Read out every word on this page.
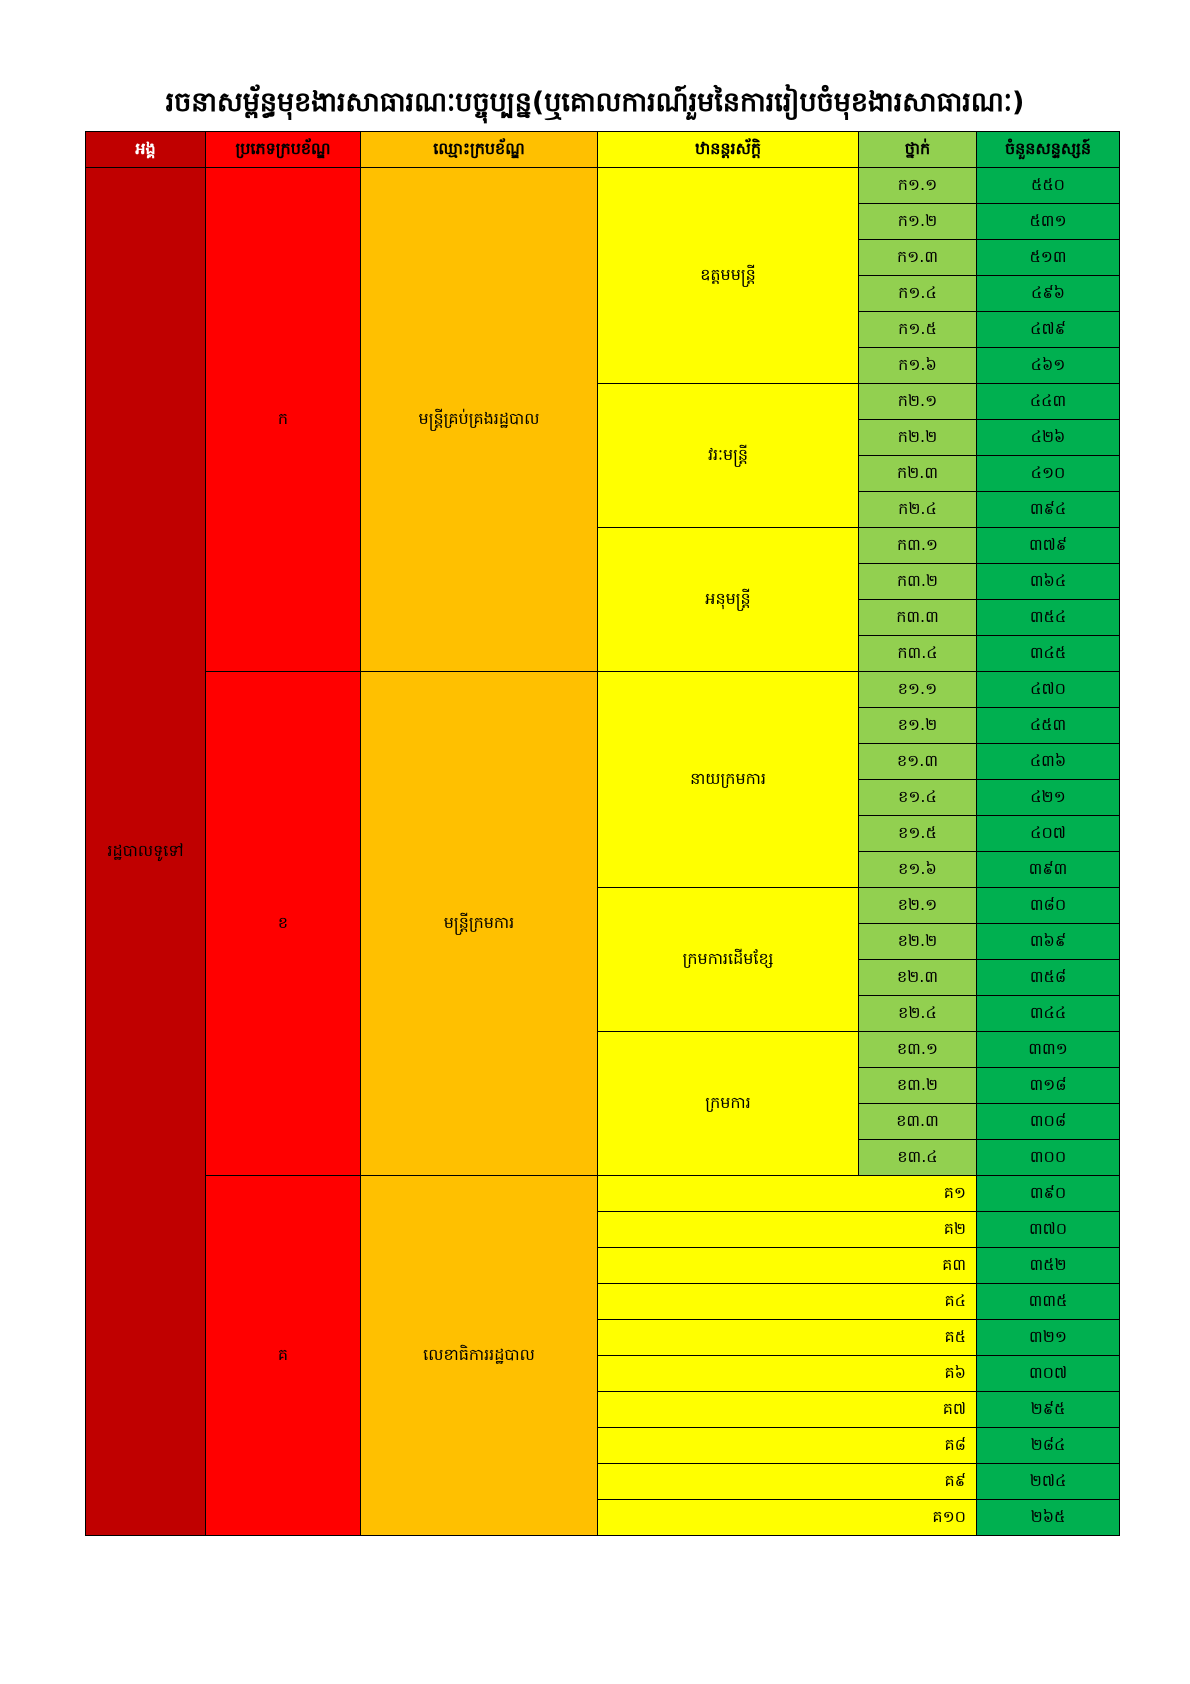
រចនាសម្ព័ន្ធមុខងារសាធារណៈបច្ចុប្បន្ន(ឬគោលការណ៍រួមនៃការរៀបចំមុខងារសាធារណៈ)
អង្គ	ប្រភេទក្របខ័ណ្ឌ	ឈ្មោះក្របខ័ណ្ឌ	ឋានន្តរស័ក្តិ	ថ្នាក់	ចំនួនសន្ទស្សន៍
រដ្ឋបាលទូទៅ	ក	មន្ត្រីគ្រប់គ្រងរដ្ឋបាល	ឧត្តមមន្ត្រី	ក១.១	៥៥០
				ក១.២	៥៣១
				ក១.៣	៥១៣
				ក១.៤	៤៩៦
				ក១.៥	៤៧៩
				ក១.៦	៤៦១
			វរៈមន្ត្រី	ក២.១	៤៤៣
				ក២.២	៤២៦
				ក២.៣	៤១០
				ក២.៤	៣៩៤
			អនុមន្ត្រី	ក៣.១	៣៧៩
				ក៣.២	៣៦៤
				ក៣.៣	៣៥៤
				ក៣.៤	៣៤៥
	ខ	មន្ត្រីក្រមការ	នាយក្រមការ	ខ១.១	៤៧០
				ខ១.២	៤៥៣
				ខ១.៣	៤៣៦
				ខ១.៤	៤២១
				ខ១.៥	៤០៧
				ខ១.៦	៣៩៣
			ក្រមការដើមខ្សែ	ខ២.១	៣៨០
				ខ២.២	៣៦៩
				ខ២.៣	៣៥៨
				ខ២.៤	៣៤៤
			ក្រមការ	ខ៣.១	៣៣១
				ខ៣.២	៣១៨
				ខ៣.៣	៣០៨
				ខ៣.៤	៣០០
	គ	លេខាធិការរដ្ឋបាល	គ១		៣៩០
			គ២		៣៧០
			គ៣		៣៥២
			គ៤		៣៣៥
			គ៥		៣២១
			គ៦		៣០៧
			គ៧		២៩៥
			គ៨		២៨៤
			គ៩		២៧៤
			គ១០		២៦៥
